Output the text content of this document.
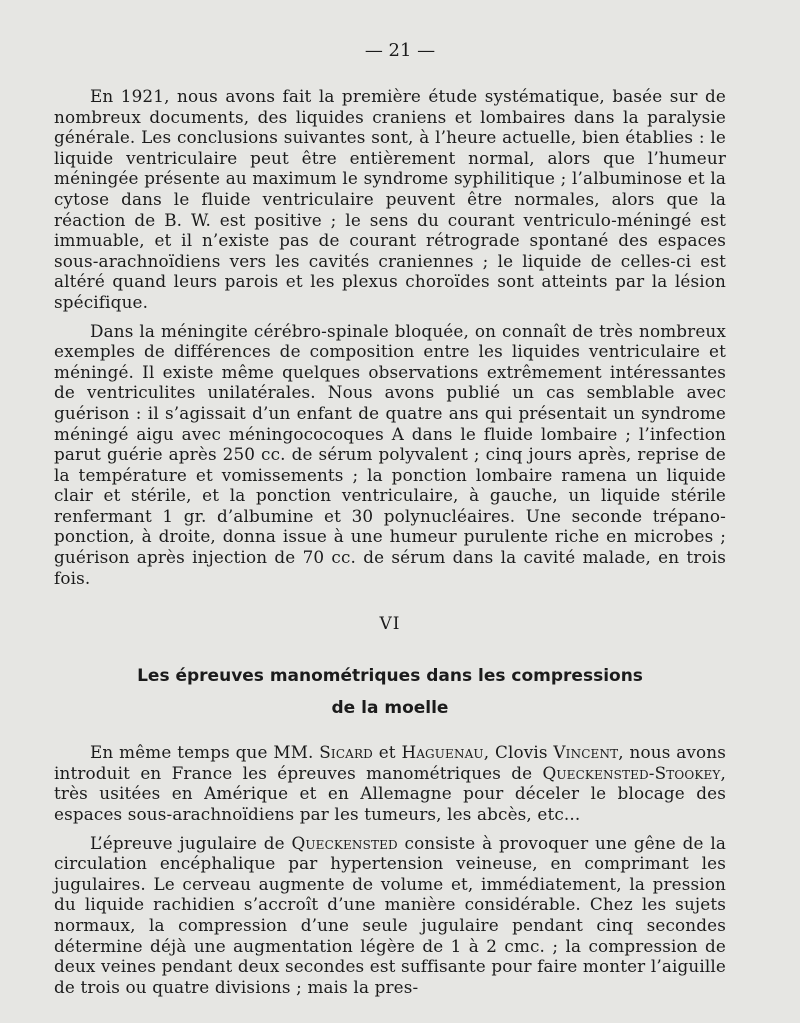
— 21 —

En 1921, nous avons fait la première étude systématique, basée sur de nombreux documents, des liquides craniens et lombaires dans la paralysie générale. Les conclusions suivantes sont, à l’heure actuelle, bien établies : le liquide ventriculaire peut être entièrement normal, alors que l’humeur méningée présente au maximum le syndrome syphilitique ; l’albuminose et la cytose dans le fluide ventriculaire peuvent être normales, alors que la réaction de B. W. est positive ; le sens du courant ventriculo-méningé est immuable, et il n’existe pas de courant rétrograde spontané des espaces sous-arachnoïdiens vers les cavités craniennes ; le liquide de celles-ci est altéré quand leurs parois et les plexus choroïdes sont atteints par la lésion spécifique.

Dans la méningite cérébro-spinale bloquée, on connaît de très nombreux exemples de différences de composition entre les liquides ventriculaire et méningé. Il existe même quelques observations extrêmement intéressantes de ventriculites unilatérales. Nous avons publié un cas semblable avec guérison : il s’agissait d’un enfant de quatre ans qui présentait un syndrome méningé aigu avec méningococoques A dans le fluide lombaire ; l’infection parut guérie après 250 cc. de sérum polyvalent ; cinq jours après, reprise de la température et vomissements ; la ponction lombaire ramena un liquide clair et stérile, et la ponction ventriculaire, à gauche, un liquide stérile renfermant 1 gr. d’albumine et 30 polynucléaires. Une seconde trépano-ponction, à droite, donna issue à une humeur purulente riche en microbes ; guérison après injection de 70 cc. de sérum dans la cavité malade, en trois fois.

VI
Les épreuves manométriques dans les compressions
de la moelle

En même temps que MM. Sicard et Haguenau, Clovis Vincent, nous avons introduit en France les épreuves manométriques de Queckensted-Stookey, très usitées en Amérique et en Allemagne pour déceler le blocage des espaces sous-arachnoïdiens par les tumeurs, les abcès, etc...

L’épreuve jugulaire de Queckensted consiste à provoquer une gêne de la circulation encéphalique par hypertension veineuse, en comprimant les jugulaires. Le cerveau augmente de volume et, immédiatement, la pression du liquide rachidien s’accroît d’une manière considérable. Chez les sujets normaux, la compression d’une seule jugulaire pendant cinq secondes détermine déjà une augmentation légère de 1 à 2 cmc. ; la compression de deux veines pendant deux secondes est suffisante pour faire monter l’aiguille de trois ou quatre divisions ; mais la pres-
